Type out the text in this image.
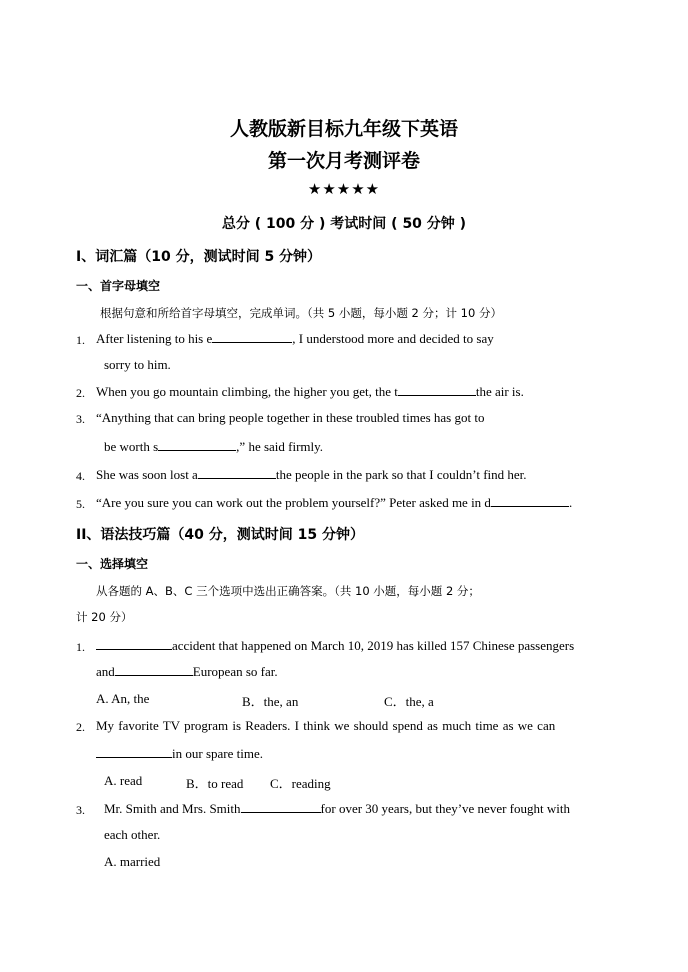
人教版新目标九年级下英语
第一次月考测评卷
★★★★★
总分 ( 100 分 ) 考试时间 ( 50 分钟 )
I、词汇篇（10 分，测试时间 5 分钟）
一、首字母填空
根据句意和所给首字母填空，完成单词。（共 5 小题，每小题 2 分；计 10 分）
1. After listening to his e	, I understood more and decided to say
sorry to him.
2. When you go mountain climbing, the higher you get, the t	the air is.
3. “Anything that can bring people together in these troubled times has got to
be worth s	,” he said firmly.
4. She was soon lost a	the people in the park so that I couldn’t find her.
5. “Are you sure you can work out the problem yourself?” Peter asked me in d	.
II、语法技巧篇（40 分，测试时间 15 分钟）
一、选择填空
从各题的 A、B、C 三个选项中选出正确答案。（共 10 小题，每小题 2 分；
计 20 分）
1.	accident that happened on March 10, 2019 has killed 157 Chinese passengers
and	European so far.
A. An, the	B．the, an	C．the, a
2. My favorite TV program is Readers. I think we should spend as much time as we can
in our spare time.
A. read	B．to read C．reading
3. Mr. Smith and Mrs. Smith	for over 30 years, but they’ve never fought with
each other.
A. married
